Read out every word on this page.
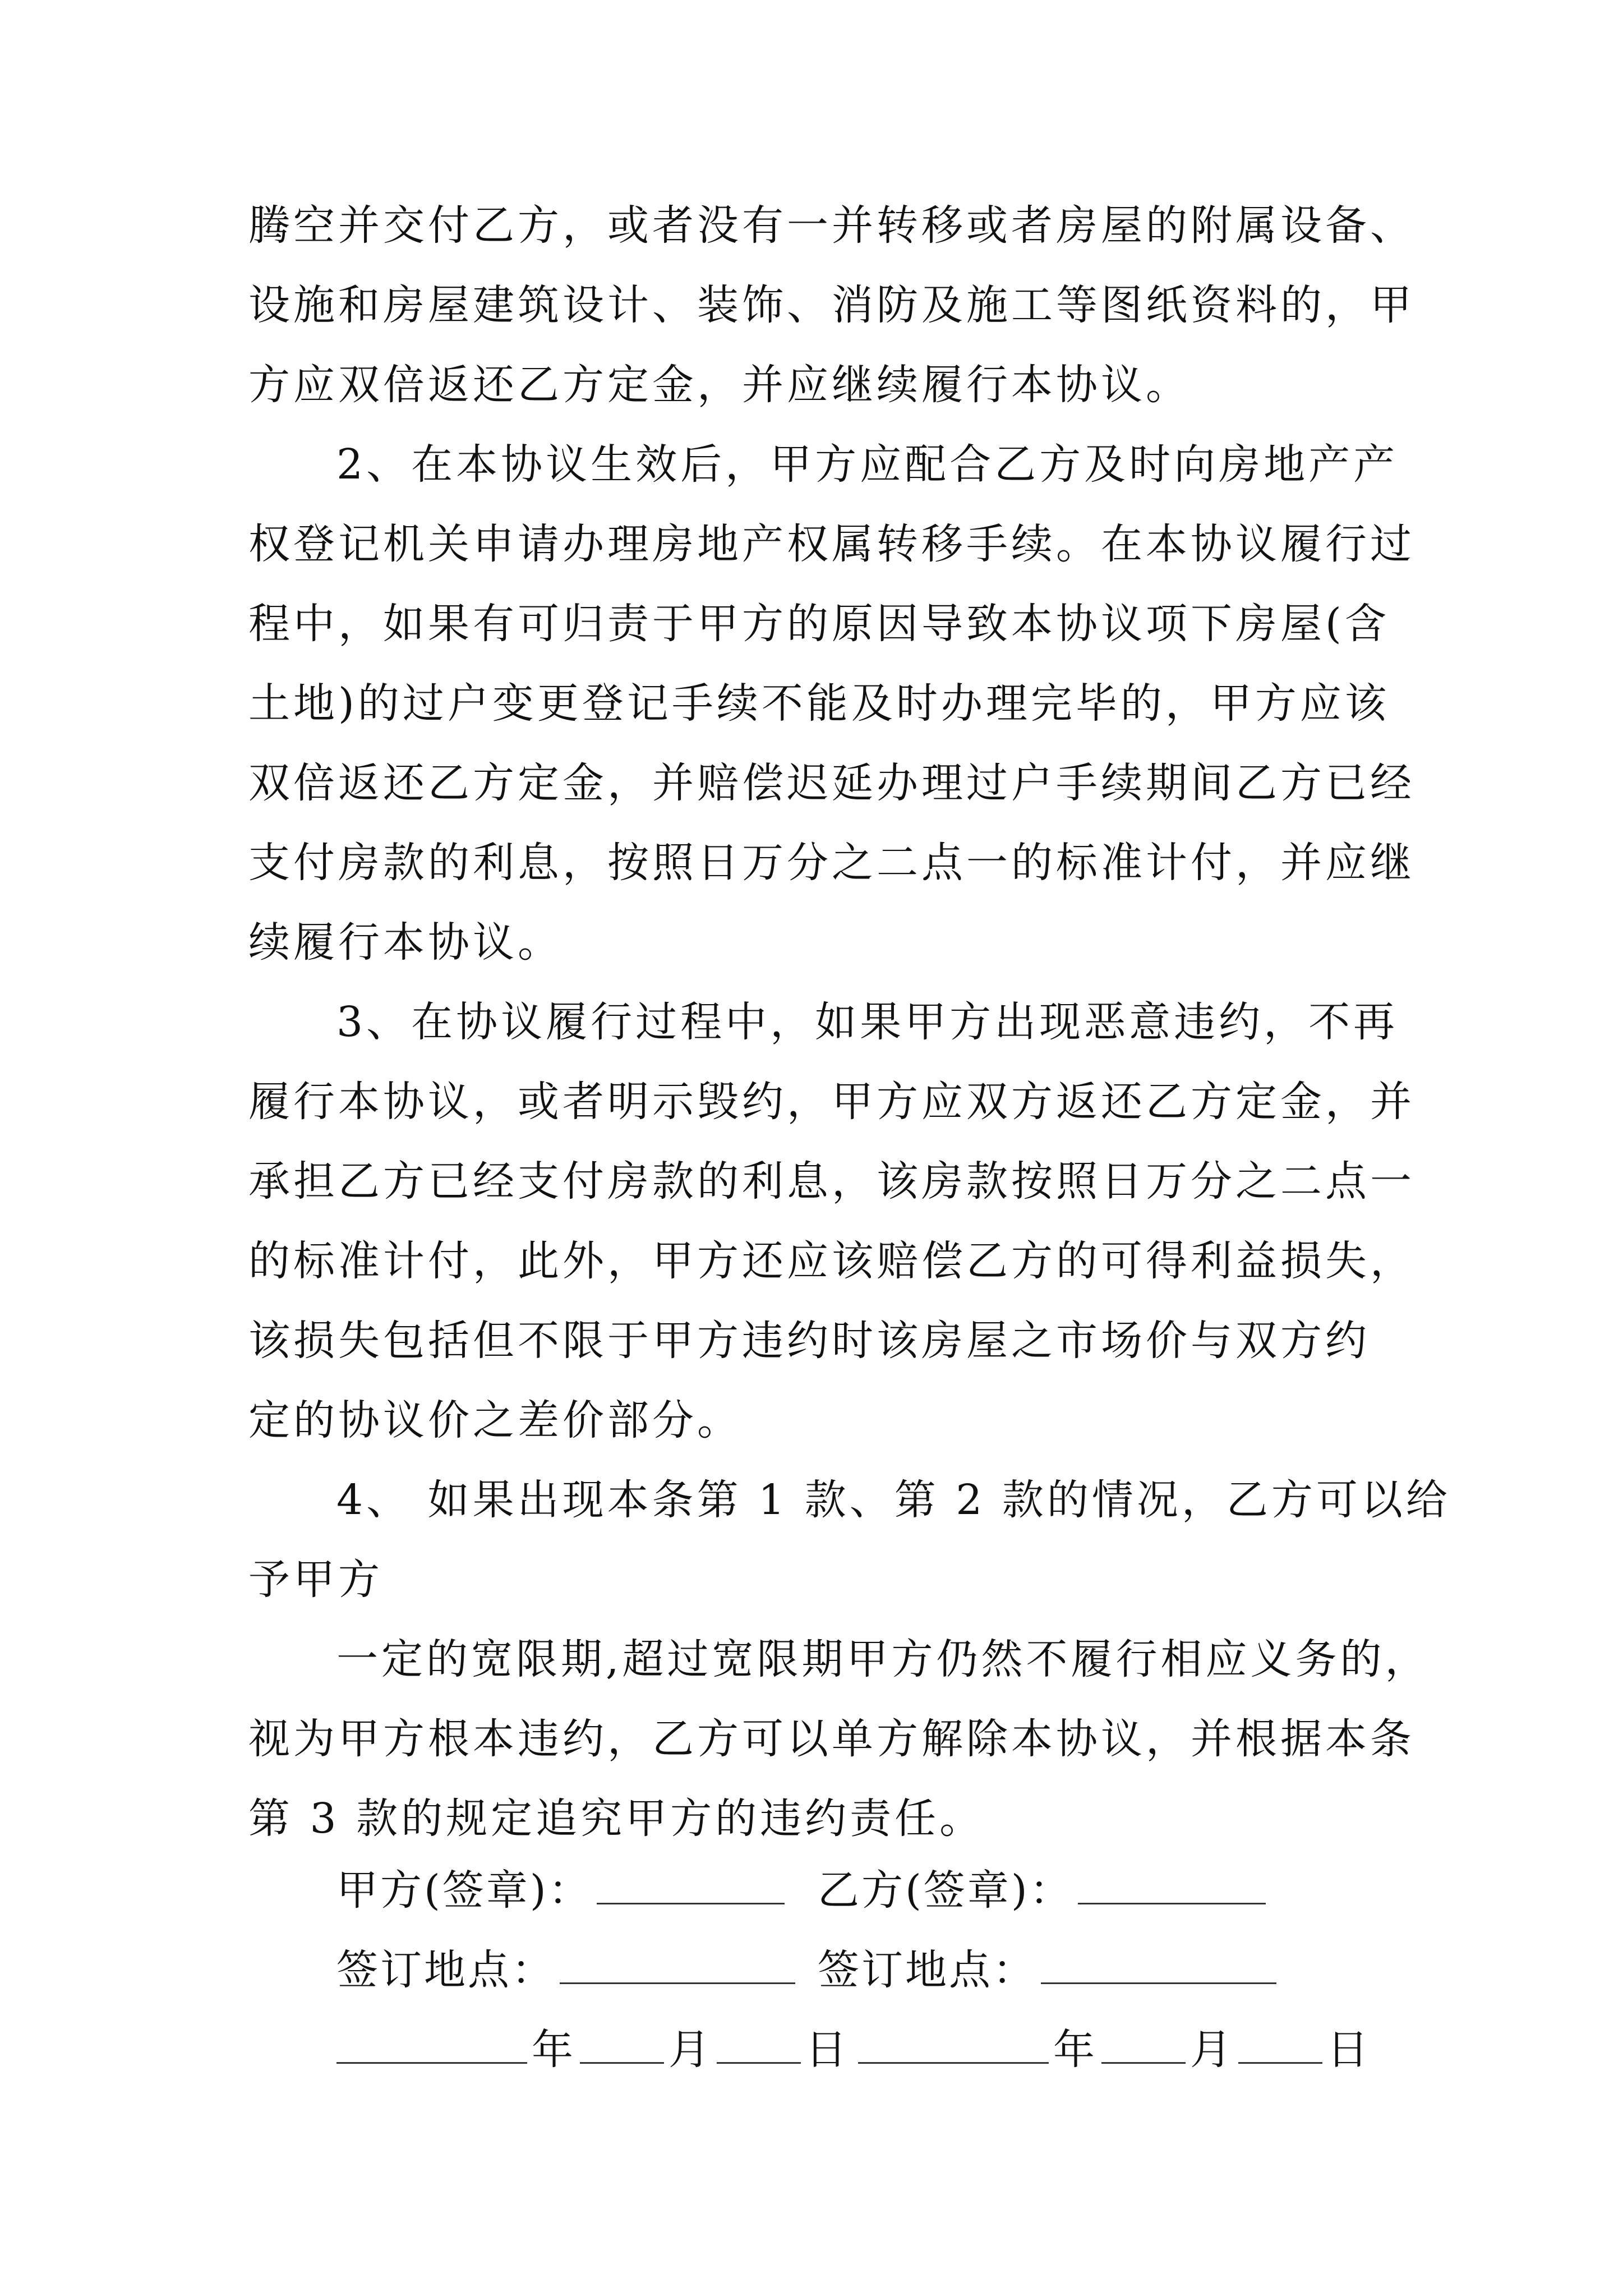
腾空并交付乙方，或者没有一并转移或者房屋的附属设备、
设施和房屋建筑设计、装饰、消防及施工等图纸资料的，甲
方应双倍返还乙方定金，并应继续履行本协议。
2、在本协议生效后，甲方应配合乙方及时向房地产产
权登记机关申请办理房地产权属转移手续。在本协议履行过
程中，如果有可归责于甲方的原因导致本协议项下房屋(含
土地)的过户变更登记手续不能及时办理完毕的，甲方应该
双倍返还乙方定金，并赔偿迟延办理过户手续期间乙方已经
支付房款的利息，按照日万分之二点一的标准计付，并应继
续履行本协议。
3、在协议履行过程中，如果甲方出现恶意违约，不再
履行本协议，或者明示毁约，甲方应双方返还乙方定金，并
承担乙方已经支付房款的利息，该房款按照日万分之二点一
的标准计付，此外，甲方还应该赔偿乙方的可得利益损失，
该损失包括但不限于甲方违约时该房屋之市场价与双方约
定的协议价之差价部分。
4、 如果出现本条第 1 款、第 2 款的情况，乙方可以给
予甲方
一定的宽限期,超过宽限期甲方仍然不履行相应义务的，
视为甲方根本违约，乙方可以单方解除本协议，并根据本条
第 3 款的规定追究甲方的违约责任。
甲方(签章)：	乙方(签章)：
签订地点：	签订地点：
年 月 日	年 月 日
